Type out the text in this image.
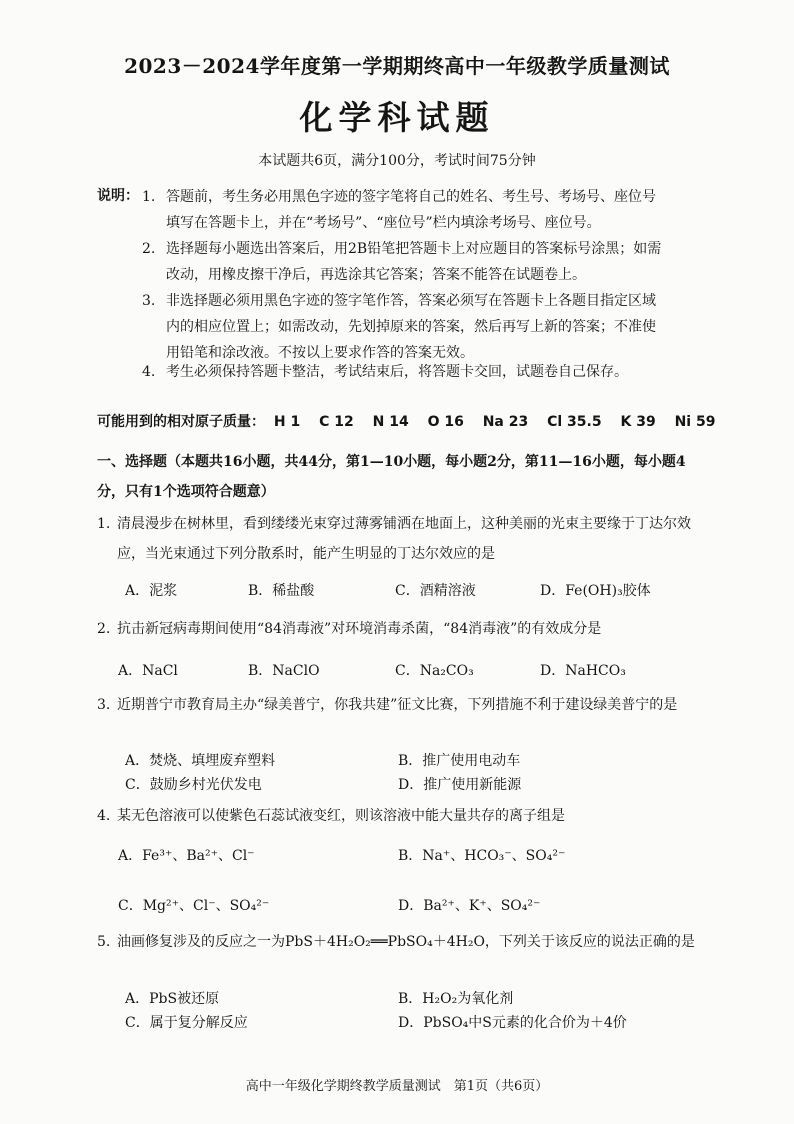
2023－2024学年度第一学期期终高中一年级教学质量测试
化学科试题
本试题共6页，满分100分，考试时间75分钟
说明： 1. 答题前，考生务必用黑色字迹的签字笔将自己的姓名、考生号、考场号、座位号填写在答题卡上，并在“考场号”、“座位号”栏内填涂考场号、座位号。
2. 选择题每小题选出答案后，用2B铅笔把答题卡上对应题目的答案标号涂黑；如需改动，用橡皮擦干净后，再选涂其它答案；答案不能答在试题卷上。
3. 非选择题必须用黑色字迹的签字笔作答，答案必须写在答题卡上各题目指定区域内的相应位置上；如需改动，先划掉原来的答案，然后再写上新的答案；不准使用铅笔和涂改液。不按以上要求作答的答案无效。
4. 考生必须保持答题卡整洁，考试结束后，将答题卡交回，试题卷自己保存。
可能用到的相对原子质量： H 1 C 12 N 14 O 16 Na 23 Cl 35.5 K 39 Ni 59
一、选择题（本题共16小题，共44分，第1—10小题，每小题2分，第11—16小题，每小题4分，只有1个选项符合题意）
1. 清晨漫步在树林里，看到缕缕光束穿过薄雾铺洒在地面上，这种美丽的光束主要缘于丁达尔效应，当光束通过下列分散系时，能产生明显的丁达尔效应的是
A．泥浆	B．稀盐酸	C．酒精溶液	D．Fe(OH)₃胶体
2. 抗击新冠病毒期间使用“84消毒液”对环境消毒杀菌，“84消毒液”的有效成分是
A．NaCl	B．NaClO	C．Na₂CO₃	D．NaHCO₃
3. 近期普宁市教育局主办“绿美普宁，你我共建”征文比赛，下列措施不利于建设绿美普宁的是
A．焚烧、填埋废弃塑料	B．推广使用电动车
C．鼓励乡村光伏发电	D．推广使用新能源
4. 某无色溶液可以使紫色石蕊试液变红，则该溶液中能大量共存的离子组是
A．Fe³⁺、Ba²⁺、Cl⁻	B．Na⁺、HCO₃⁻、SO₄²⁻
C．Mg²⁺、Cl⁻、SO₄²⁻	D．Ba²⁺、K⁺、SO₄²⁻
5. 油画修复涉及的反应之一为PbS＋4H₂O₂══PbSO₄＋4H₂O，下列关于该反应的说法正确的是
A．PbS被还原	B．H₂O₂为氧化剂
C．属于复分解反应	D．PbSO₄中S元素的化合价为＋4价
高中一年级化学期终教学质量测试　第1页（共6页）
